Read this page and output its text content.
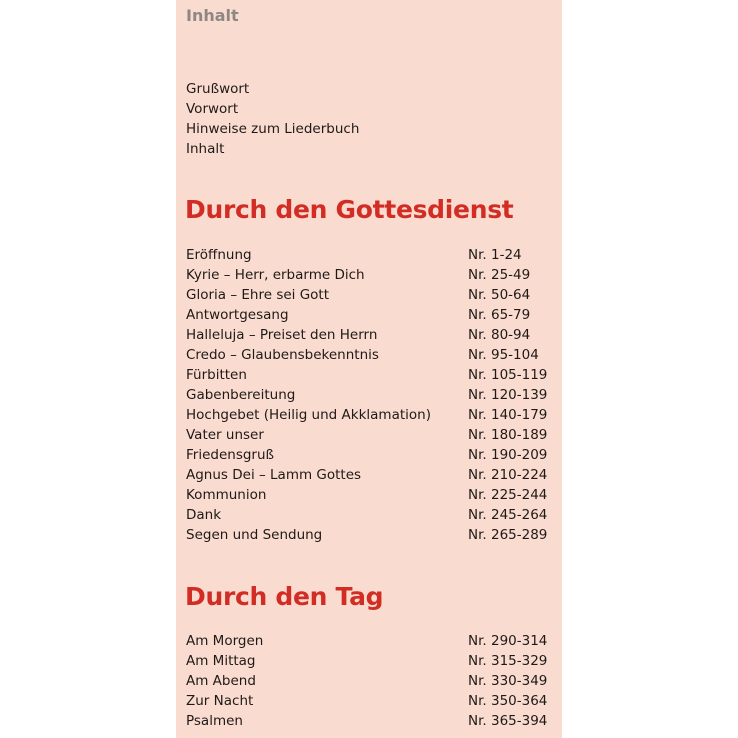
Inhalt
Grußwort
Vorwort
Hinweise zum Liederbuch
Inhalt
Durch den Gottesdienst
Eröffnung	Nr. 1-24
Kyrie – Herr, erbarme Dich	Nr. 25-49
Gloria – Ehre sei Gott	Nr. 50-64
Antwortgesang	Nr. 65-79
Halleluja – Preiset den Herrn	Nr. 80-94
Credo – Glaubensbekenntnis	Nr. 95-104
Fürbitten	Nr. 105-119
Gabenbereitung	Nr. 120-139
Hochgebet (Heilig und Akklamation)	Nr. 140-179
Vater unser	Nr. 180-189
Friedensgruß	Nr. 190-209
Agnus Dei – Lamm Gottes	Nr. 210-224
Kommunion	Nr. 225-244
Dank	Nr. 245-264
Segen und Sendung	Nr. 265-289
Durch den Tag
Am Morgen	Nr. 290-314
Am Mittag	Nr. 315-329
Am Abend	Nr. 330-349
Zur Nacht	Nr. 350-364
Psalmen	Nr. 365-394
